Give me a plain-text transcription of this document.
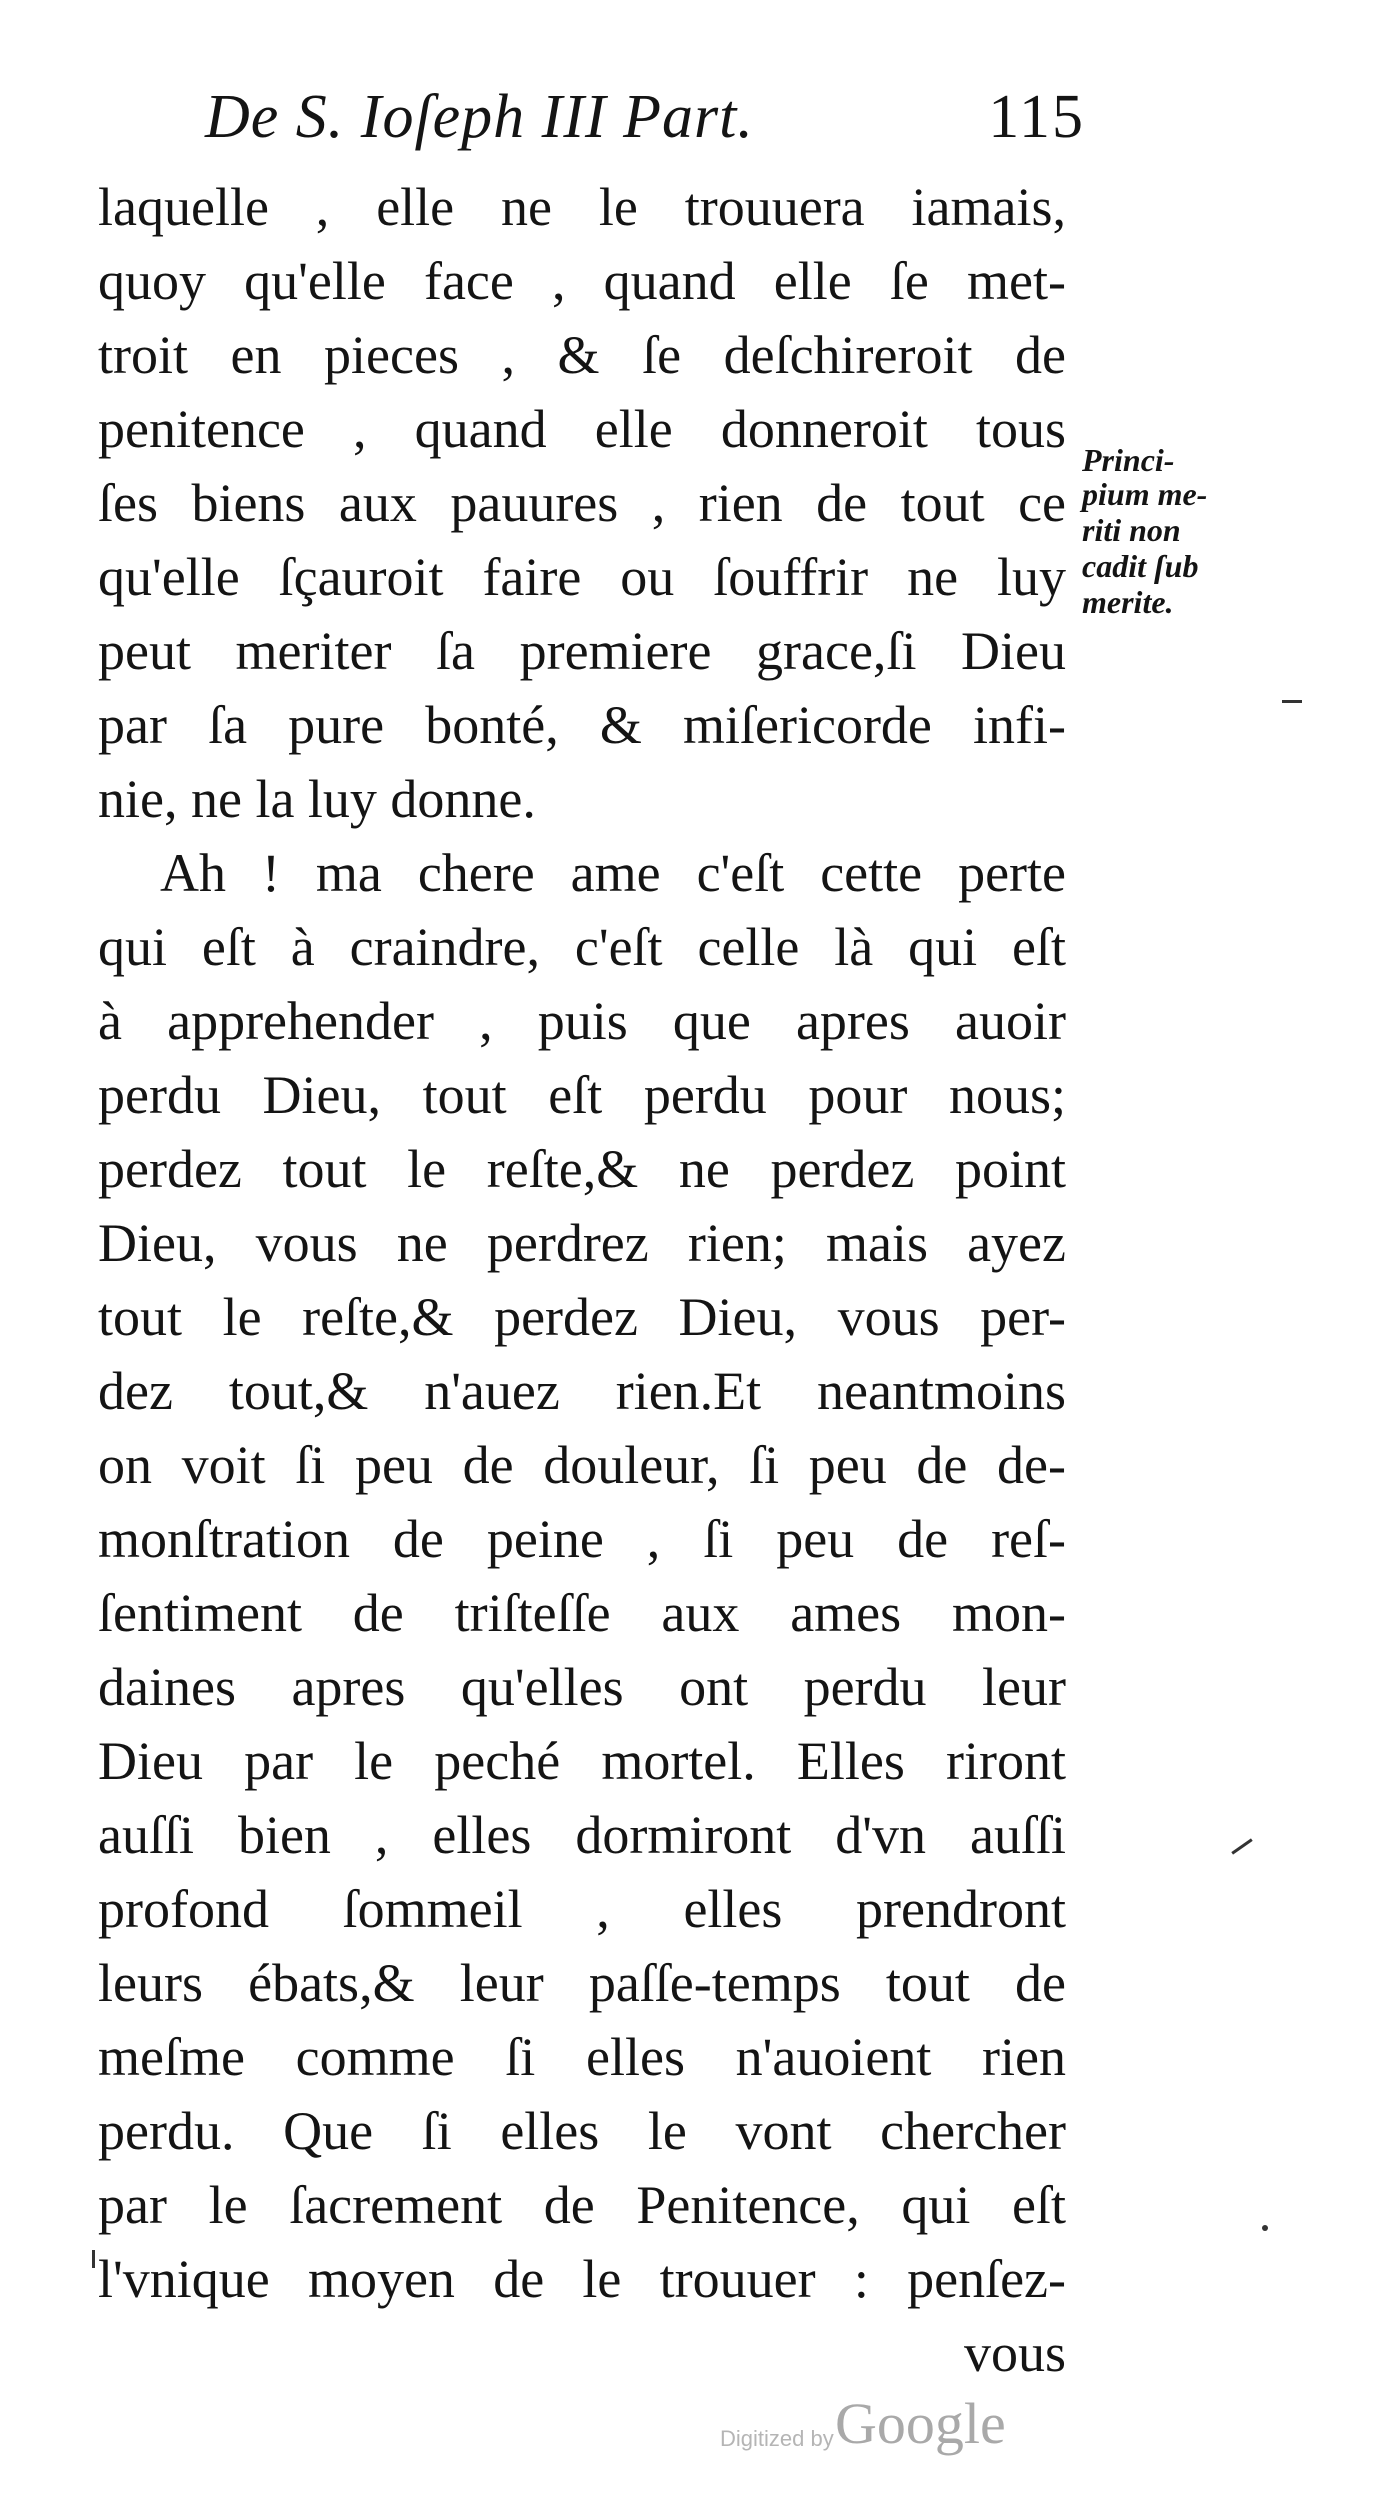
De S. Ioſeph III Part.	115
laquelle , elle ne le trouuera iamais,
quoy qu'elle face , quand elle ſe met-
troit en pieces , & ſe deſchireroit de
penitence , quand elle donneroit tous
ſes biens aux pauures , rien de tout ce
qu'elle ſçauroit faire ou ſouffrir ne luy
peut meriter ſa premiere grace,ſi Dieu
par ſa pure bonté, & miſericorde infi-
nie, ne la luy donne.
Ah ! ma chere ame c'eſt cette perte
qui eſt à craindre, c'eſt celle là qui eſt
à apprehender , puis que apres auoir
perdu Dieu, tout eſt perdu pour nous;
perdez tout le reſte,& ne perdez point
Dieu, vous ne perdrez rien; mais ayez
tout le reſte,& perdez Dieu, vous per-
dez tout,& n'auez rien.Et neantmoins
on voit ſi peu de douleur, ſi peu de de-
monſtration de peine , ſi peu de reſ-
ſentiment de triſteſſe aux ames mon-
daines apres qu'elles ont perdu leur
Dieu par le peché mortel. Elles riront
auſſi bien , elles dormiront d'vn auſſi
profond ſommeil , elles prendront
leurs ébats,& leur paſſe-temps tout de
meſme comme ſi elles n'auoient rien
perdu. Que ſi elles le vont chercher
par le ſacrement de Penitence, qui eſt
l'vnique moyen de le trouuer : penſez-
vous
Princi-
pium me-
riti non
cadit ſub
merite.
Digitized by Google
